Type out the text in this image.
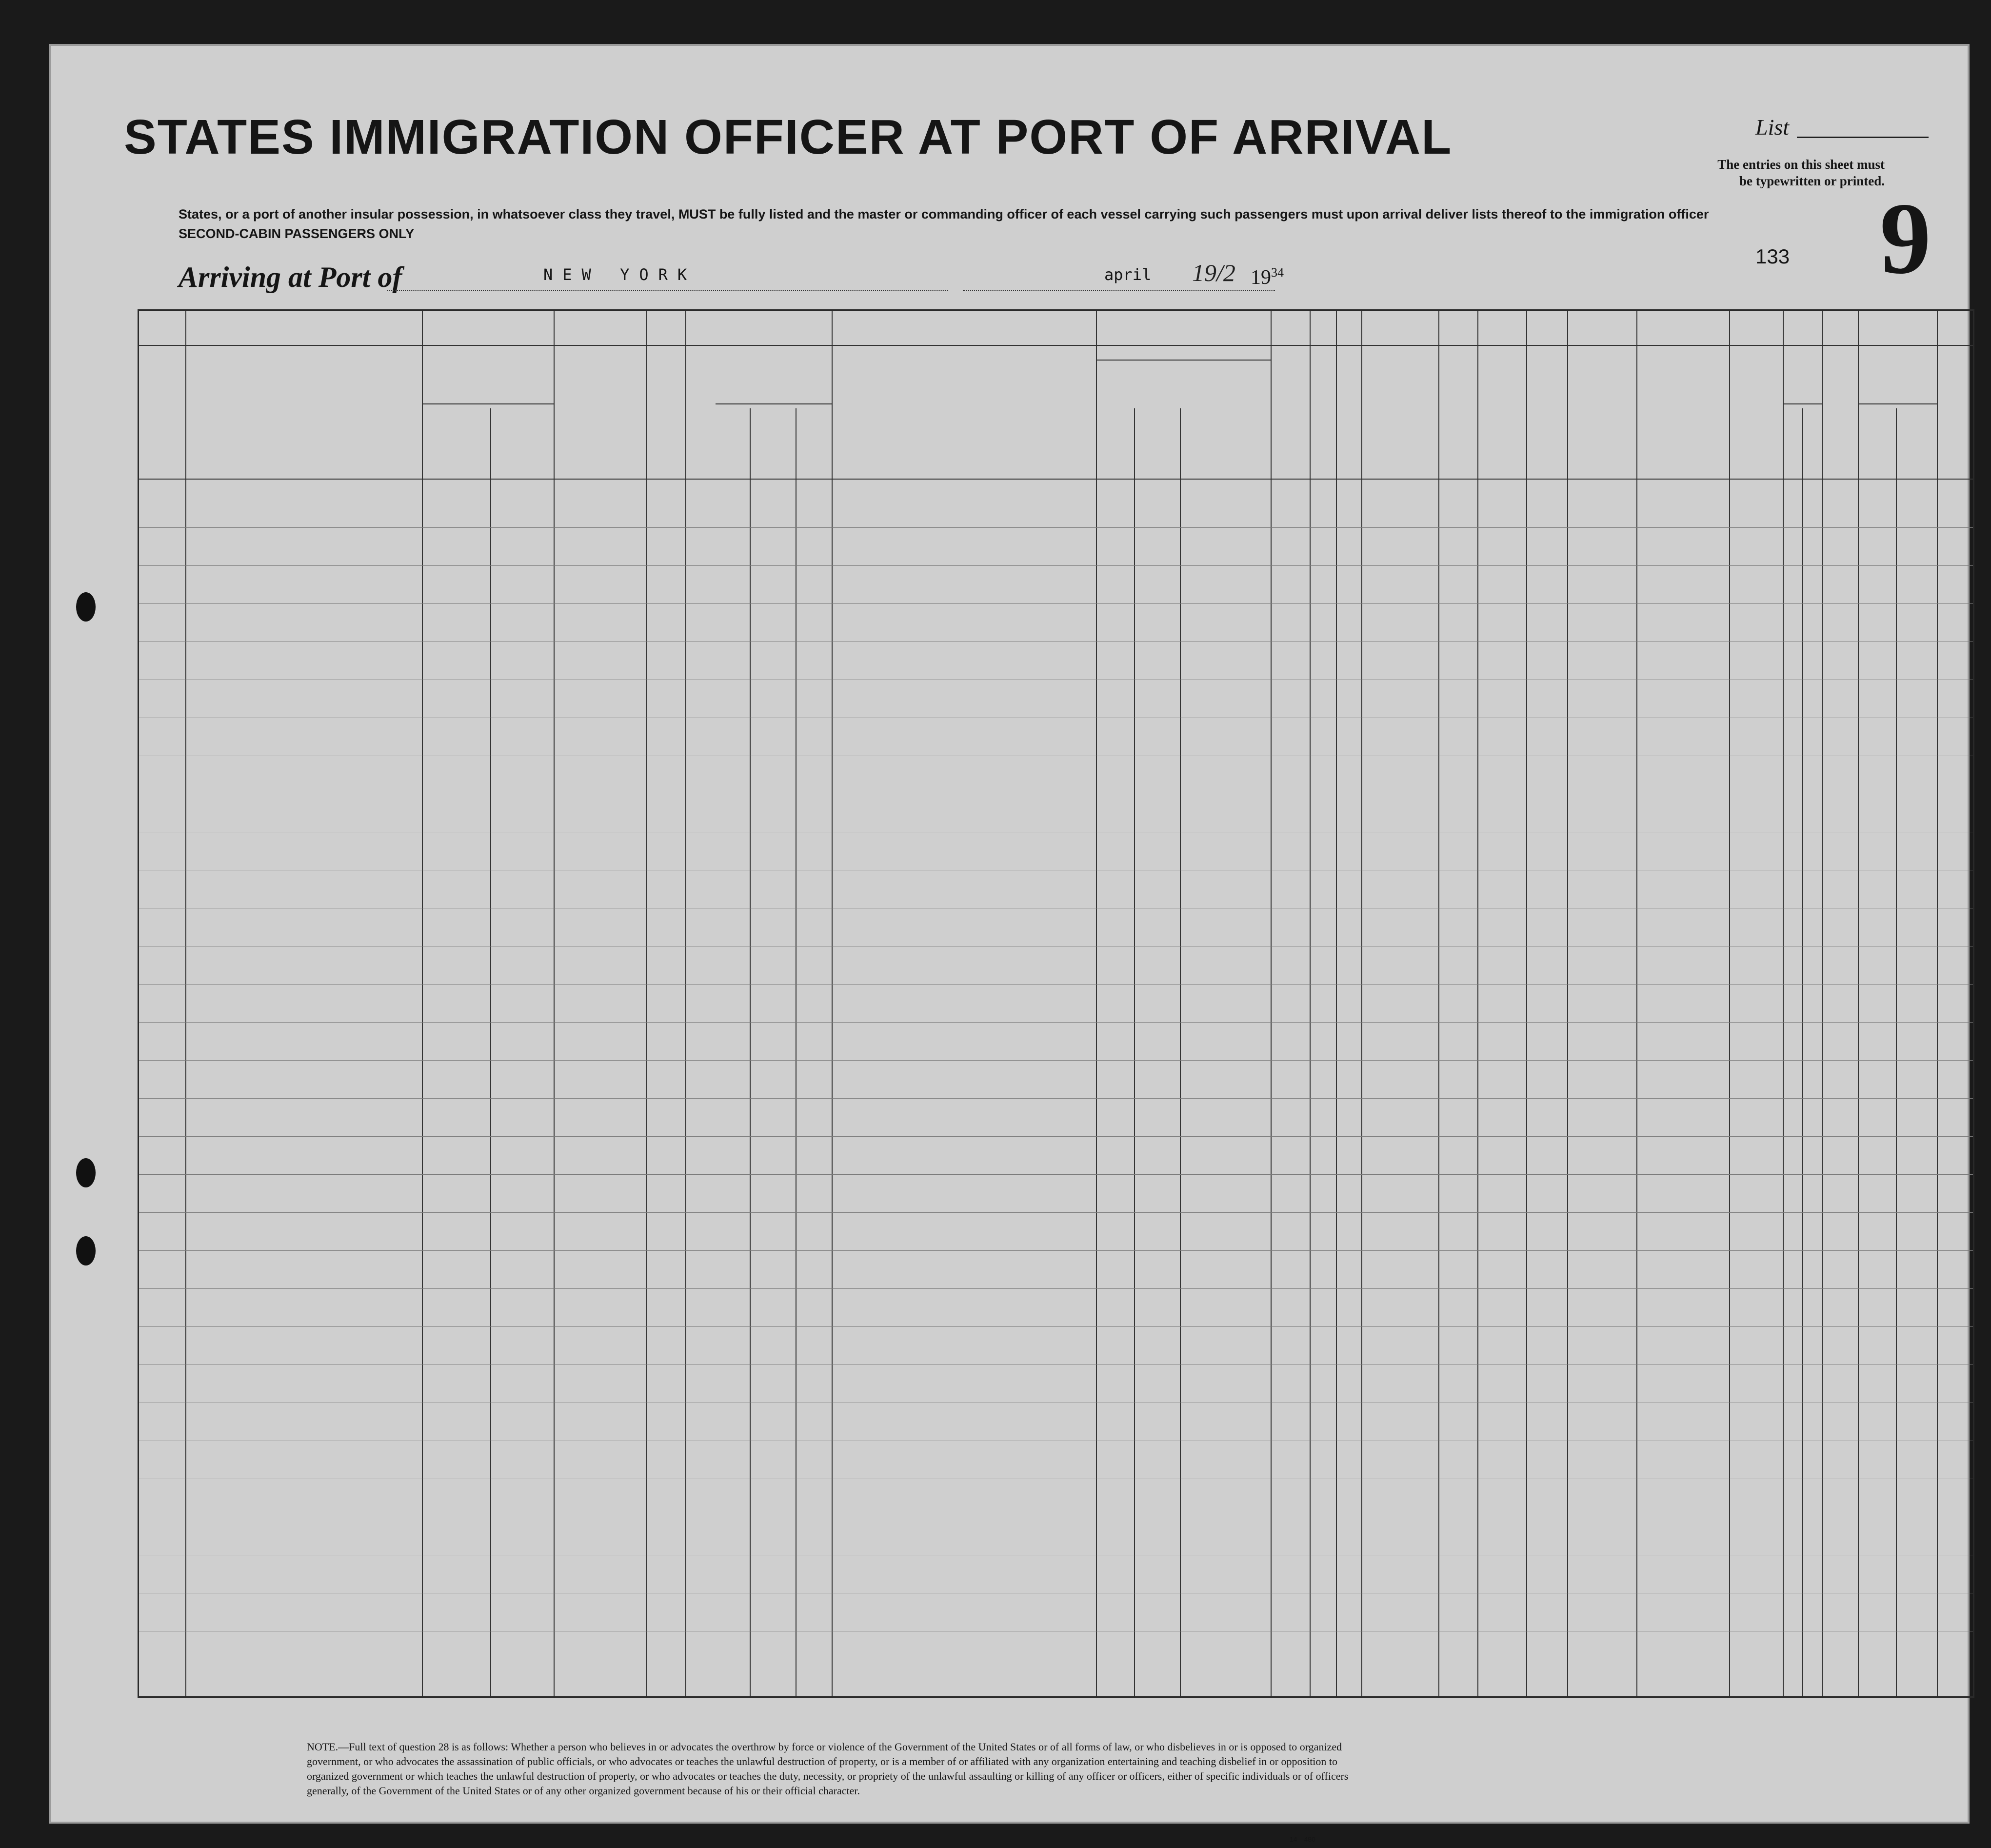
STATES IMMIGRATION OFFICER AT PORT OF ARRIVAL
States, or a port of another insular possession, in whatsoever class they travel, MUST be fully listed and the master or commanding officer of each vessel carrying such passengers must upon arrival deliver lists thereof to the immigration officer
SECOND-CABIN PASSENGERS ONLY
List
The entries on this sheet must
be typewritten or printed.
9
133
Arriving at Port of	NEW YORK	april 19/2 $19^{34}$
NOTE.—Full text of question 28 is as follows: Whether a person who believes in or advocates the overthrow by force or violence of the Government of the United States or of all forms of law, or who disbelieves in or is opposed to organized government, or who advocates the assassination of public officials, or who advocates or teaches the unlawful destruction of property, or is a member of or affiliated with any organization entertaining and teaching disbelief in or opposition to organized government or which teaches the unlawful destruction of property, or who advocates or teaches the duty, necessity, or propriety of the unlawful assaulting or killing of any officer or officers, either of specific individuals or of officers generally, of the Government of the United States or of any other organized government because of his or their official character.
14—480
